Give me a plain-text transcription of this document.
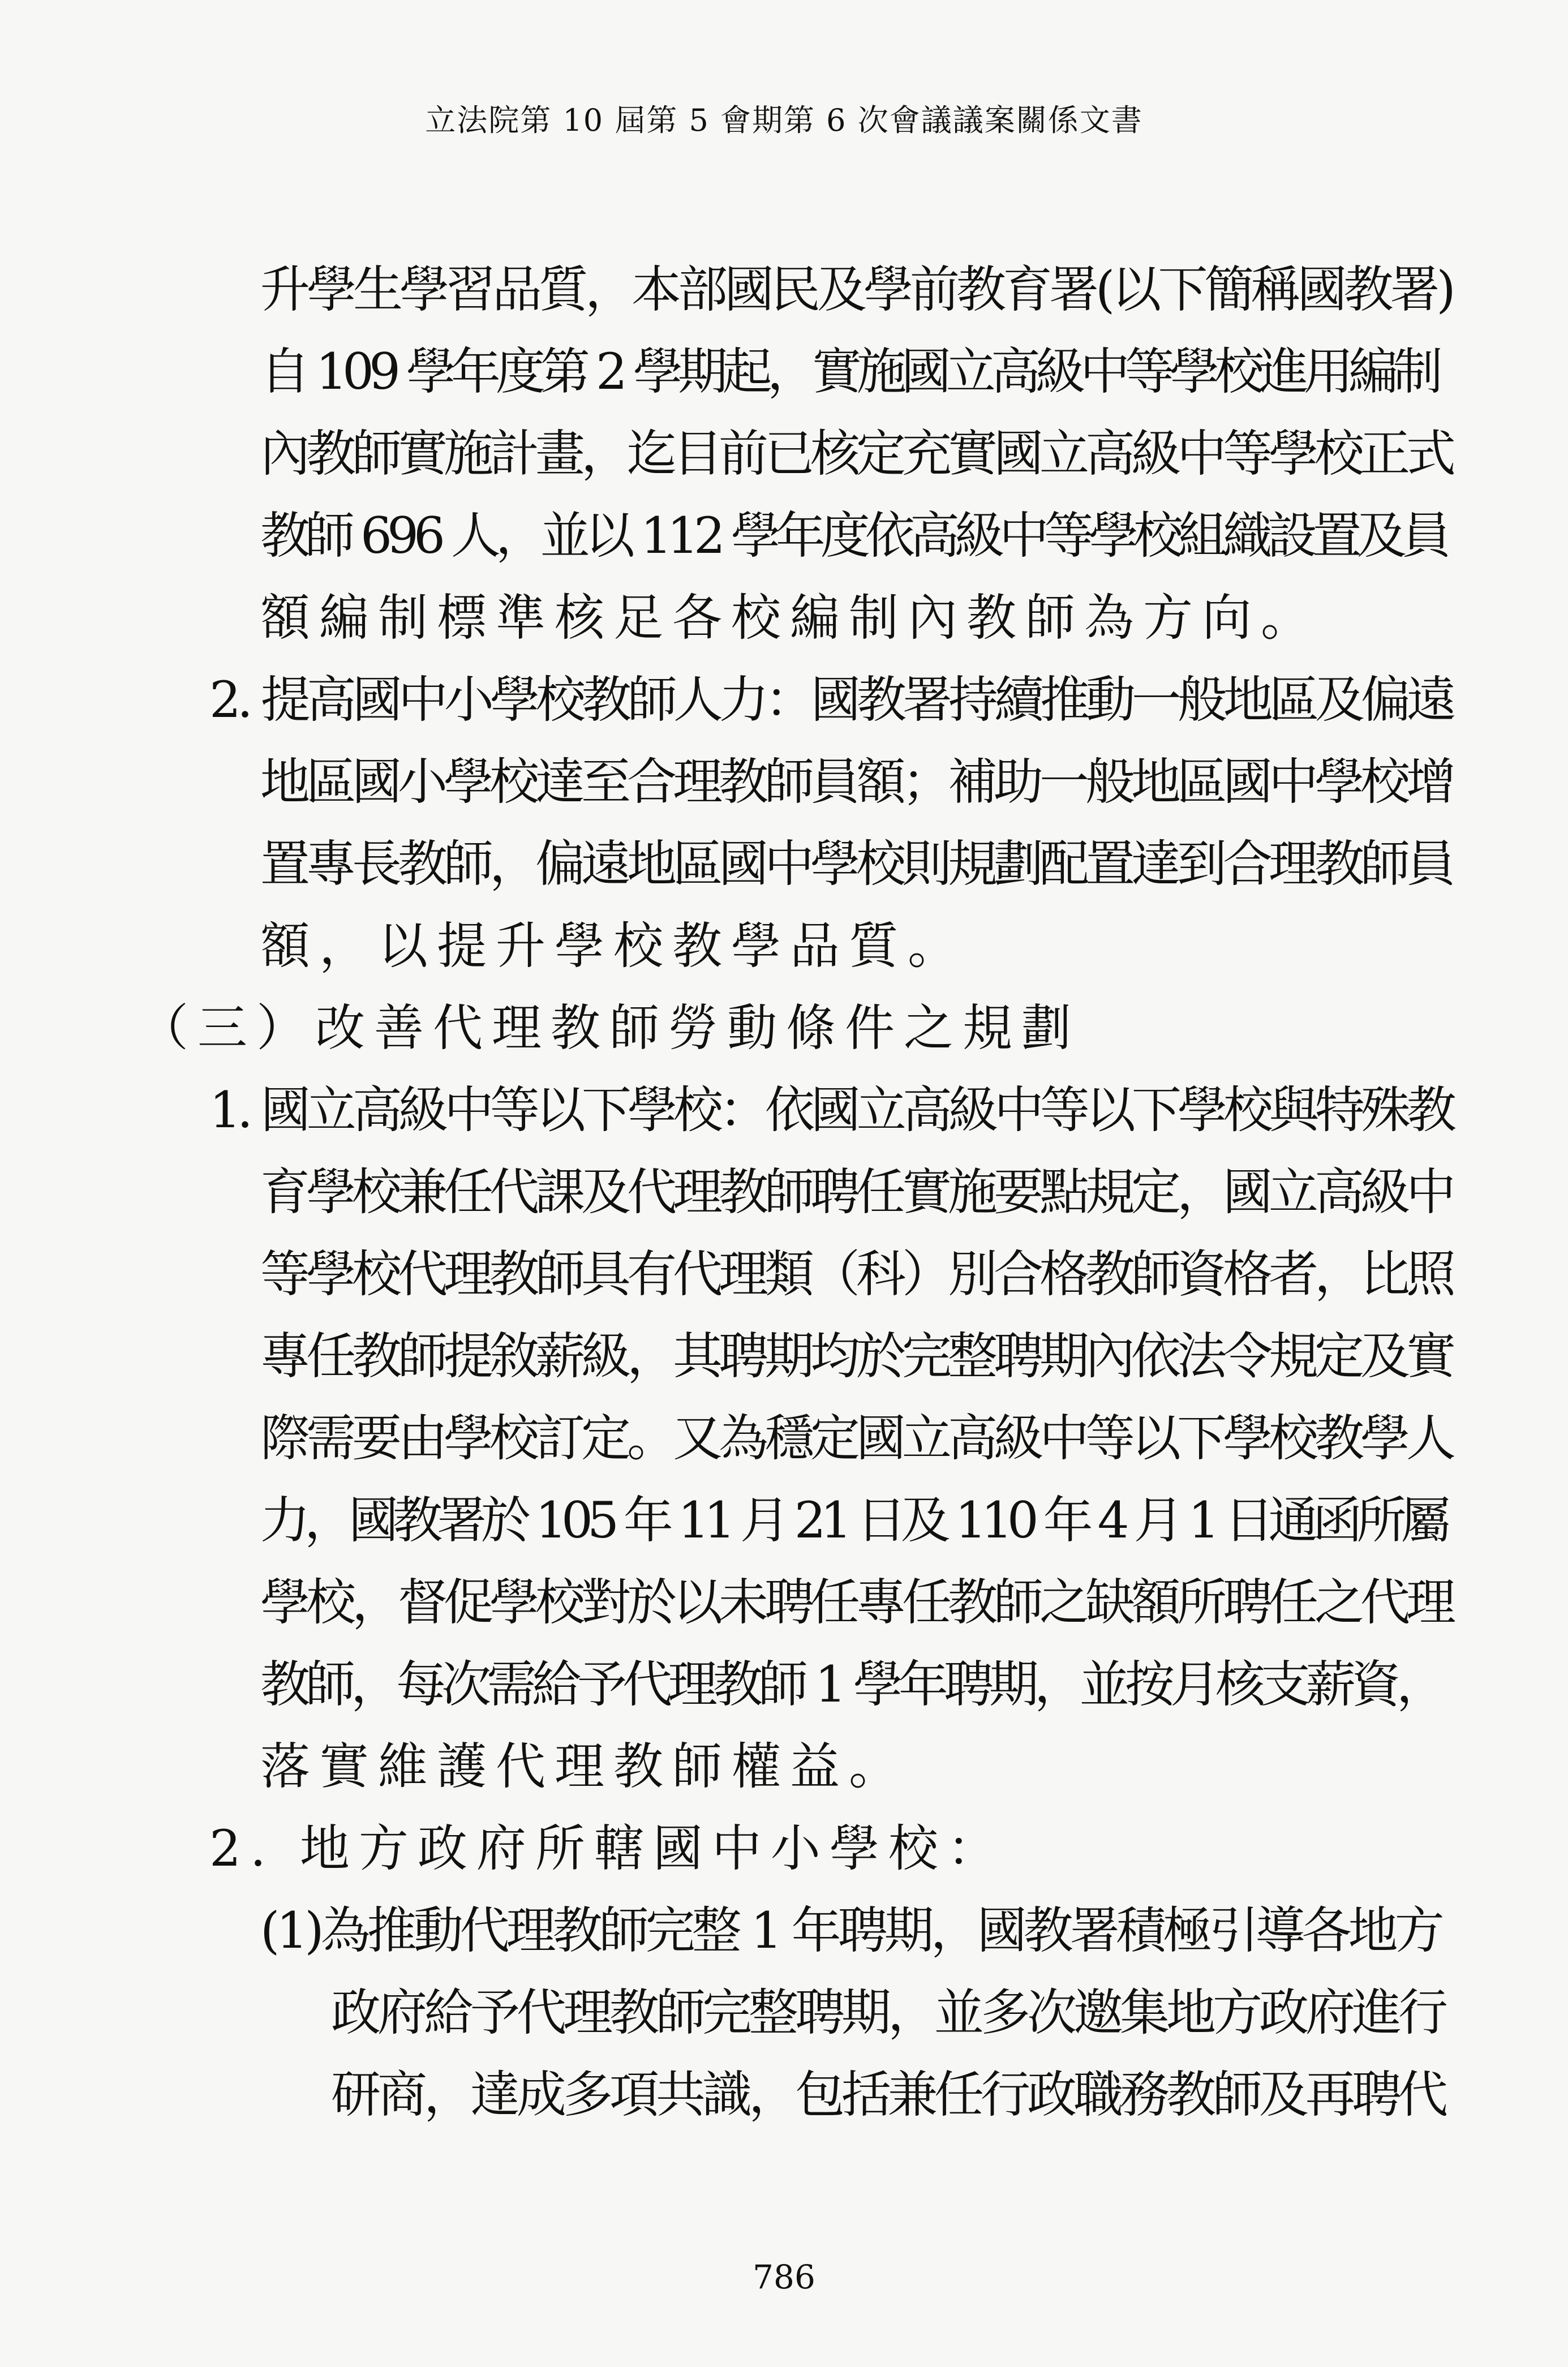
立法院第 10 屆第 5 會期第 6 次會議議案關係文書
升學生學習品質，本部國民及學前教育署(以下簡稱國教署)
自 109 學年度第 2 學期起，實施國立高級中等學校進用編制
內教師實施計畫，迄目前已核定充實國立高級中等學校正式
教師 696 人，並以 112 學年度依高級中等學校組織設置及員
額編制標準核足各校編制內教師為方向。
2. 提高國中小學校教師人力：國教署持續推動一般地區及偏遠
地區國小學校達至合理教師員額；補助一般地區國中學校增
置專長教師，偏遠地區國中學校則規劃配置達到合理教師員
額，以提升學校教學品質。
（三）改善代理教師勞動條件之規劃
1. 國立高級中等以下學校：依國立高級中等以下學校與特殊教
育學校兼任代課及代理教師聘任實施要點規定，國立高級中
等學校代理教師具有代理類（科）別合格教師資格者，比照
專任教師提敘薪級，其聘期均於完整聘期內依法令規定及實
際需要由學校訂定。又為穩定國立高級中等以下學校教學人
力，國教署於 105 年 11 月 21 日及 110 年 4 月 1 日通函所屬
學校，督促學校對於以未聘任專任教師之缺額所聘任之代理
教師，每次需給予代理教師 1 學年聘期，並按月核支薪資，
落實維護代理教師權益。
2. 地方政府所轄國中小學校：
(1)為推動代理教師完整 1 年聘期，國教署積極引導各地方
政府給予代理教師完整聘期，並多次邀集地方政府進行
研商，達成多項共識，包括兼任行政職務教師及再聘代
786
